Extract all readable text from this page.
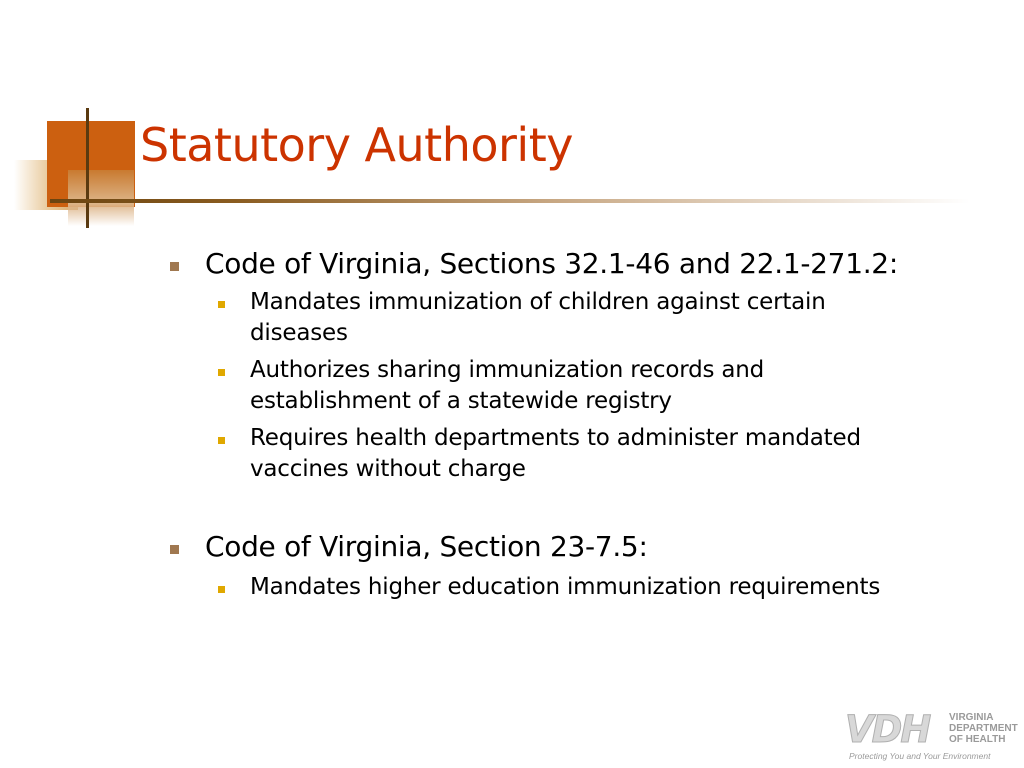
Statutory Authority
Code of Virginia, Sections 32.1-46 and 22.1-271.2:
Mandates immunization of children against certain diseases
Authorizes sharing immunization records and establishment of a statewide registry
Requires health departments to administer mandated vaccines without charge
Code of Virginia, Section 23-7.5:
Mandates higher education immunization requirements
VDH VIRGINIA
DEPARTMENT
OF HEALTH
Protecting You and Your Environment
